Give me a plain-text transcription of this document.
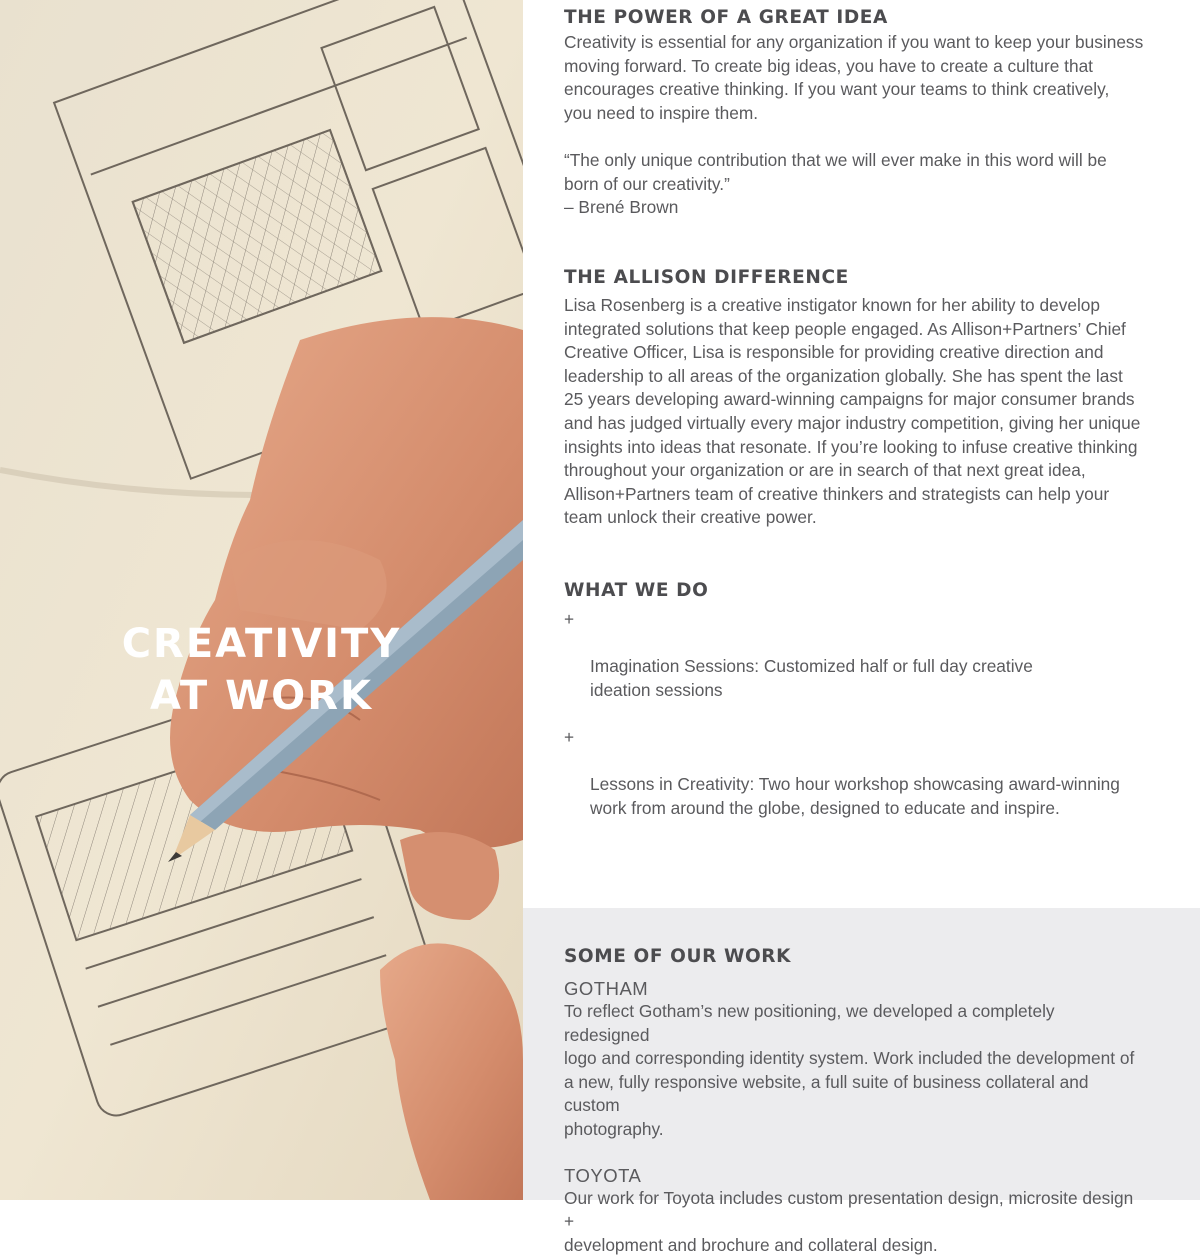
CREATIVITY
AT WORK
THE POWER OF A GREAT IDEA

Creativity is essential for any organization if you want to keep your business
moving forward. To create big ideas, you have to create a culture that
encourages creative thinking. If you want your teams to think creatively,
you need to inspire them.

“The only unique contribution that we will ever make in this word will be
born of our creativity.”

– Brené Brown

THE ALLISON DIFFERENCE

Lisa Rosenberg is a creative instigator known for her ability to develop
integrated solutions that keep people engaged. As Allison+Partners’ Chief
Creative Officer, Lisa is responsible for providing creative direction and
leadership to all areas of the organization globally. She has spent the last
25 years developing award-winning campaigns for major consumer brands
and has judged virtually every major industry competition, giving her unique
insights into ideas that resonate. If you’re looking to infuse creative thinking
throughout your organization or are in search of that next great idea,
Allison+Partners team of creative thinkers and strategists can help your
team unlock their creative power.

WHAT WE DO

+

Imagination Sessions: Customized half or full day creative
ideation sessions

+

Lessons in Creativity: Two hour workshop showcasing award-winning
work from around the globe, designed to educate and inspire.

SOME OF OUR WORK

GOTHAM

To reflect Gotham’s new positioning, we developed a completely redesigned
logo and corresponding identity system. Work included the development of
a new, fully responsive website, a full suite of business collateral and custom
photography.

TOYOTA

Our work for Toyota includes custom presentation design, microsite design +
development and brochure and collateral design.
